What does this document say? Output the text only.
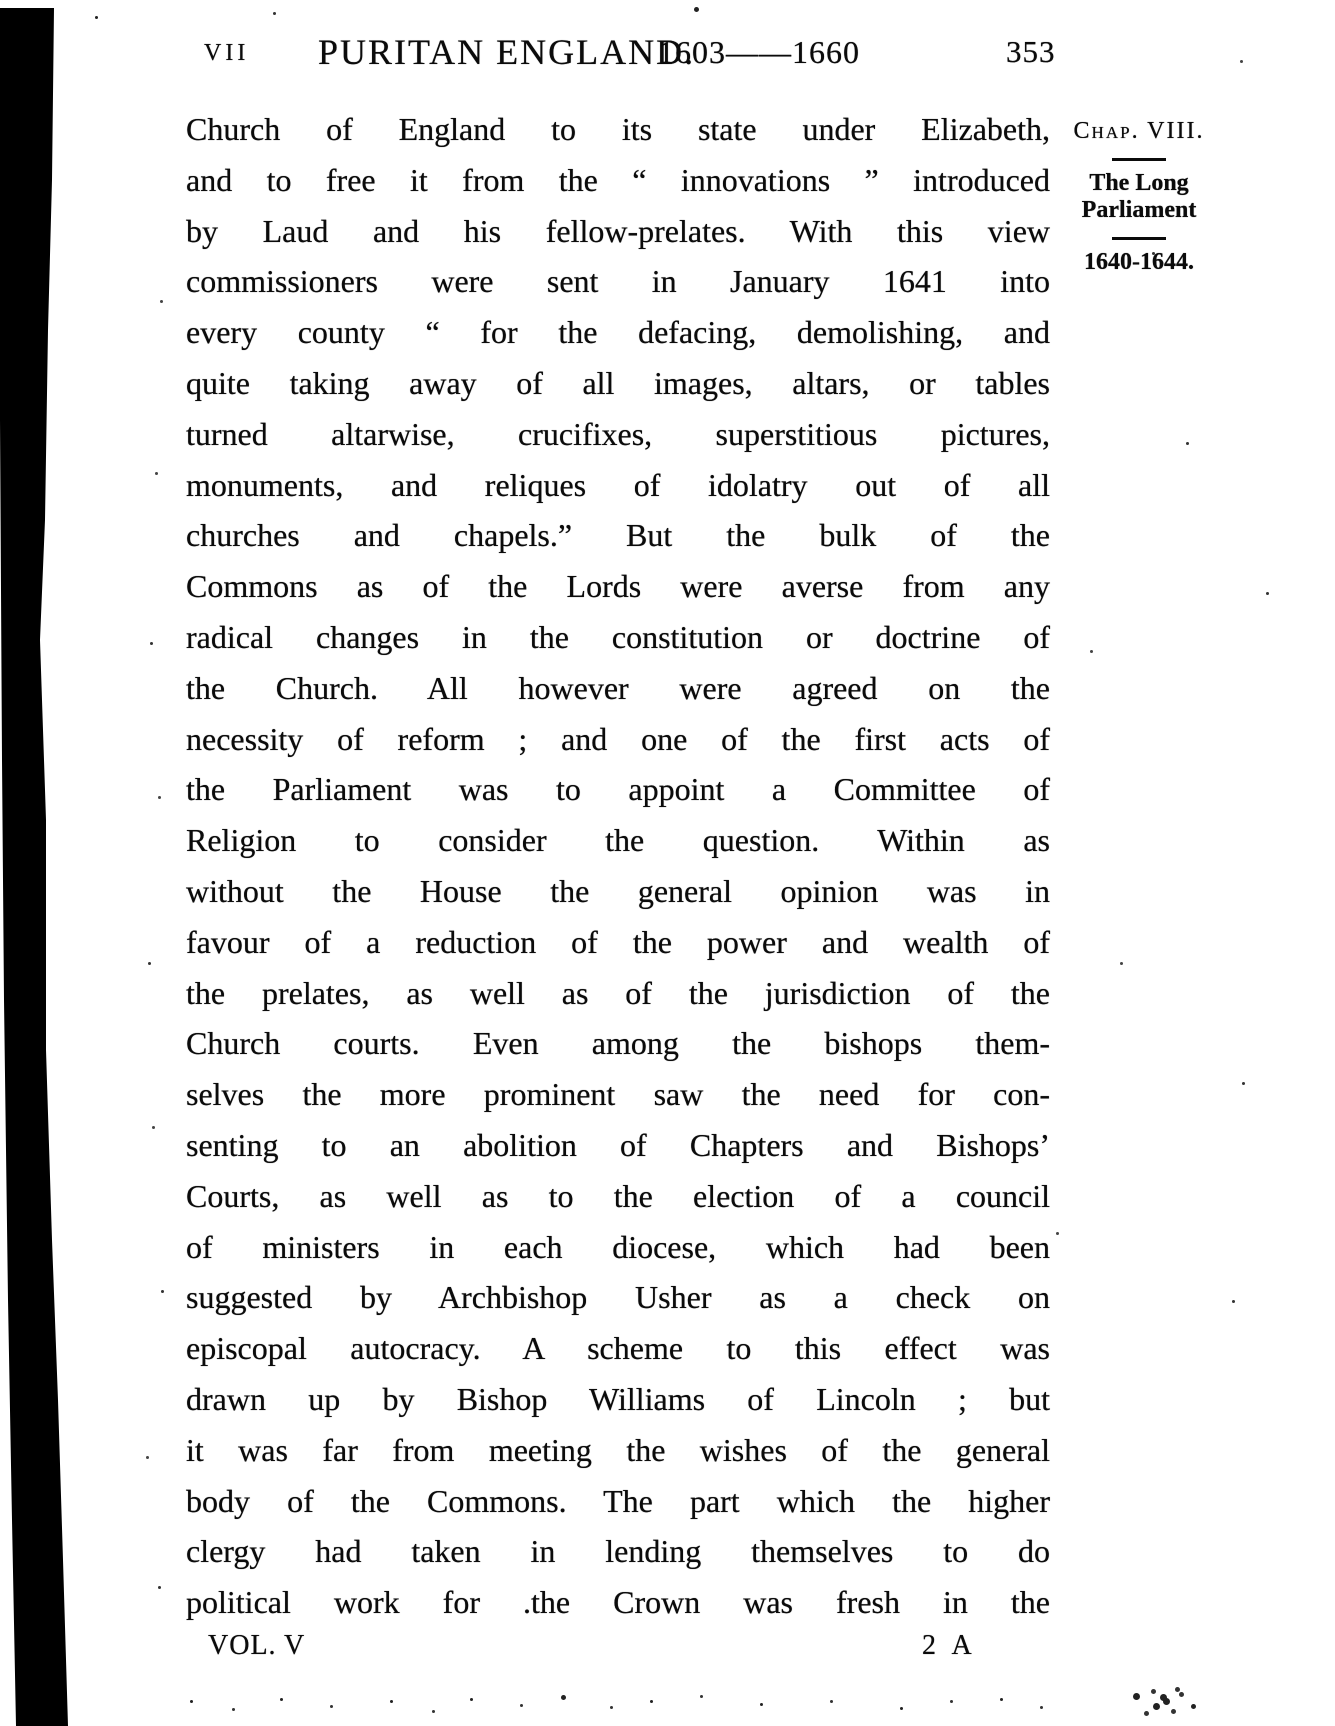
VII PURITAN ENGLAND.
1603——1660	353
Church of England to its state under Elizabeth,
and to free it from the “ innovations ” introduced
by Laud and his fellow-prelates. With this view
commissioners were sent in January 1641 into
every county “ for the defacing, demolishing, and
quite taking away of all images, altars, or tables
turned altarwise, crucifixes, superstitious pictures,
monuments, and reliques of idolatry out of all
churches and chapels.” But the bulk of the
Commons as of the Lords were averse from any
radical changes in the constitution or doctrine of
the Church. All however were agreed on the
necessity of reform ; and one of the first acts of
the Parliament was to appoint a Committee of
Religion to consider the question. Within as
without the House the general opinion was in
favour of a reduction of the power and wealth of
the prelates, as well as of the jurisdiction of the
Church courts. Even among the bishops them-
selves the more prominent saw the need for con-
senting to an abolition of Chapters and Bishops’
Courts, as well as to the election of a council
of ministers in each diocese, which had been
suggested by Archbishop Usher as a check on
episcopal autocracy. A scheme to this effect was
drawn up by Bishop Williams of Lincoln ; but
it was far from meeting the wishes of the general
body of the Commons. The part which the higher
clergy had taken in lending themselves to do
political work for .the Crown was fresh in the
Chap. VIII.
The Long Parliament
1640-1644.
VOL. V	2 A
